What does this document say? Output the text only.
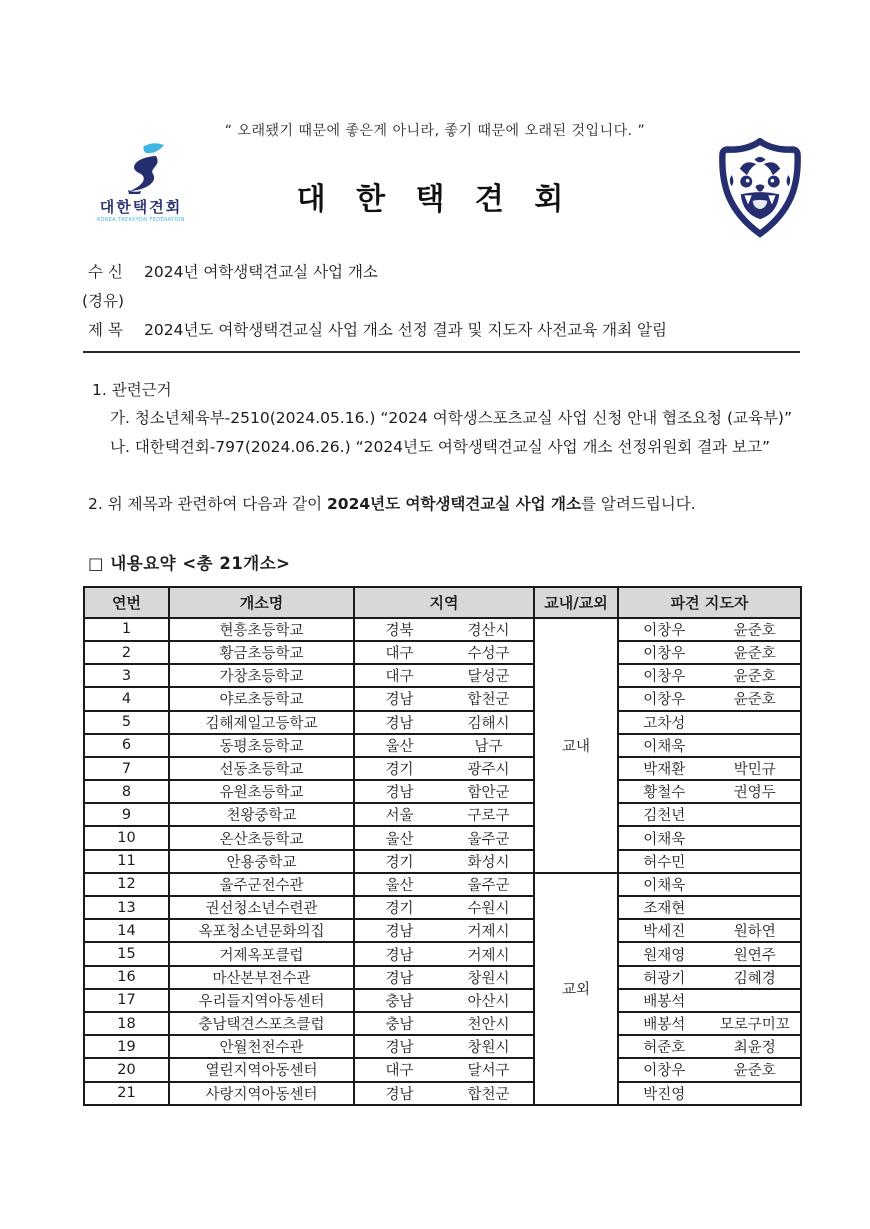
“ 오래됐기 때문에 좋은게 아니라, 좋기 때문에 오래된 것입니다. ”
대한택견회
KOREA TAEKKYON FEDERATION
대 한 택 견 회
수 신	2024년 여학생택견교실 사업 개소
(경유)
제 목	2024년도 여학생택견교실 사업 개소 선정 결과 및 지도자 사전교육 개최 알림
1. 관련근거
가. 청소년체육부-2510(2024.05.16.) “2024 여학생스포츠교실 사업 신청 안내 협조요청 (교육부)”
나. 대한택견회-797(2024.06.26.) “2024년도 여학생택견교실 사업 개소 선정위원회 결과 보고”
2. 위 제목과 관련하여 다음과 같이 2024년도 여학생택견교실 사업 개소를 알려드립니다.
□ 내용요약 <총 21개소>
연번	개소명	지역	교내/교외	파견 지도자
1	현흥초등학교	경북 경산시	교내	이창우 윤준호
2	황금초등학교	대구 수성구		이창우 윤준호
3	가창초등학교	대구 달성군		이창우 윤준호
4	야로초등학교	경남 합천군		이창우 윤준호
5	김해제일고등학교	경남 김해시		고차성
6	동평초등학교	울산 남구		이채욱
7	선동초등학교	경기 광주시		박재환 박민규
8	유원초등학교	경남 함안군		황철수 권영두
9	천왕중학교	서울 구로구		김천년
10	온산초등학교	울산 울주군		이채욱
11	안용중학교	경기 화성시		허수민
12	울주군전수관	울산 울주군	교외	이채욱
13	권선청소년수련관	경기 수원시		조재현
14	옥포청소년문화의집	경남 거제시		박세진 원하연
15	거제옥포클럽	경남 거제시		원재영 원연주
16	마산본부전수관	경남 창원시		허광기 김혜경
17	우리들지역아동센터	충남 아산시		배봉석
18	충남택견스포츠클럽	충남 천안시		배봉석 모로구미꼬
19	안월천전수관	경남 창원시		허준호 최윤정
20	열린지역아동센터	대구 달서구		이창우 윤준호
21	사랑지역아동센터	경남 합천군		박진영
